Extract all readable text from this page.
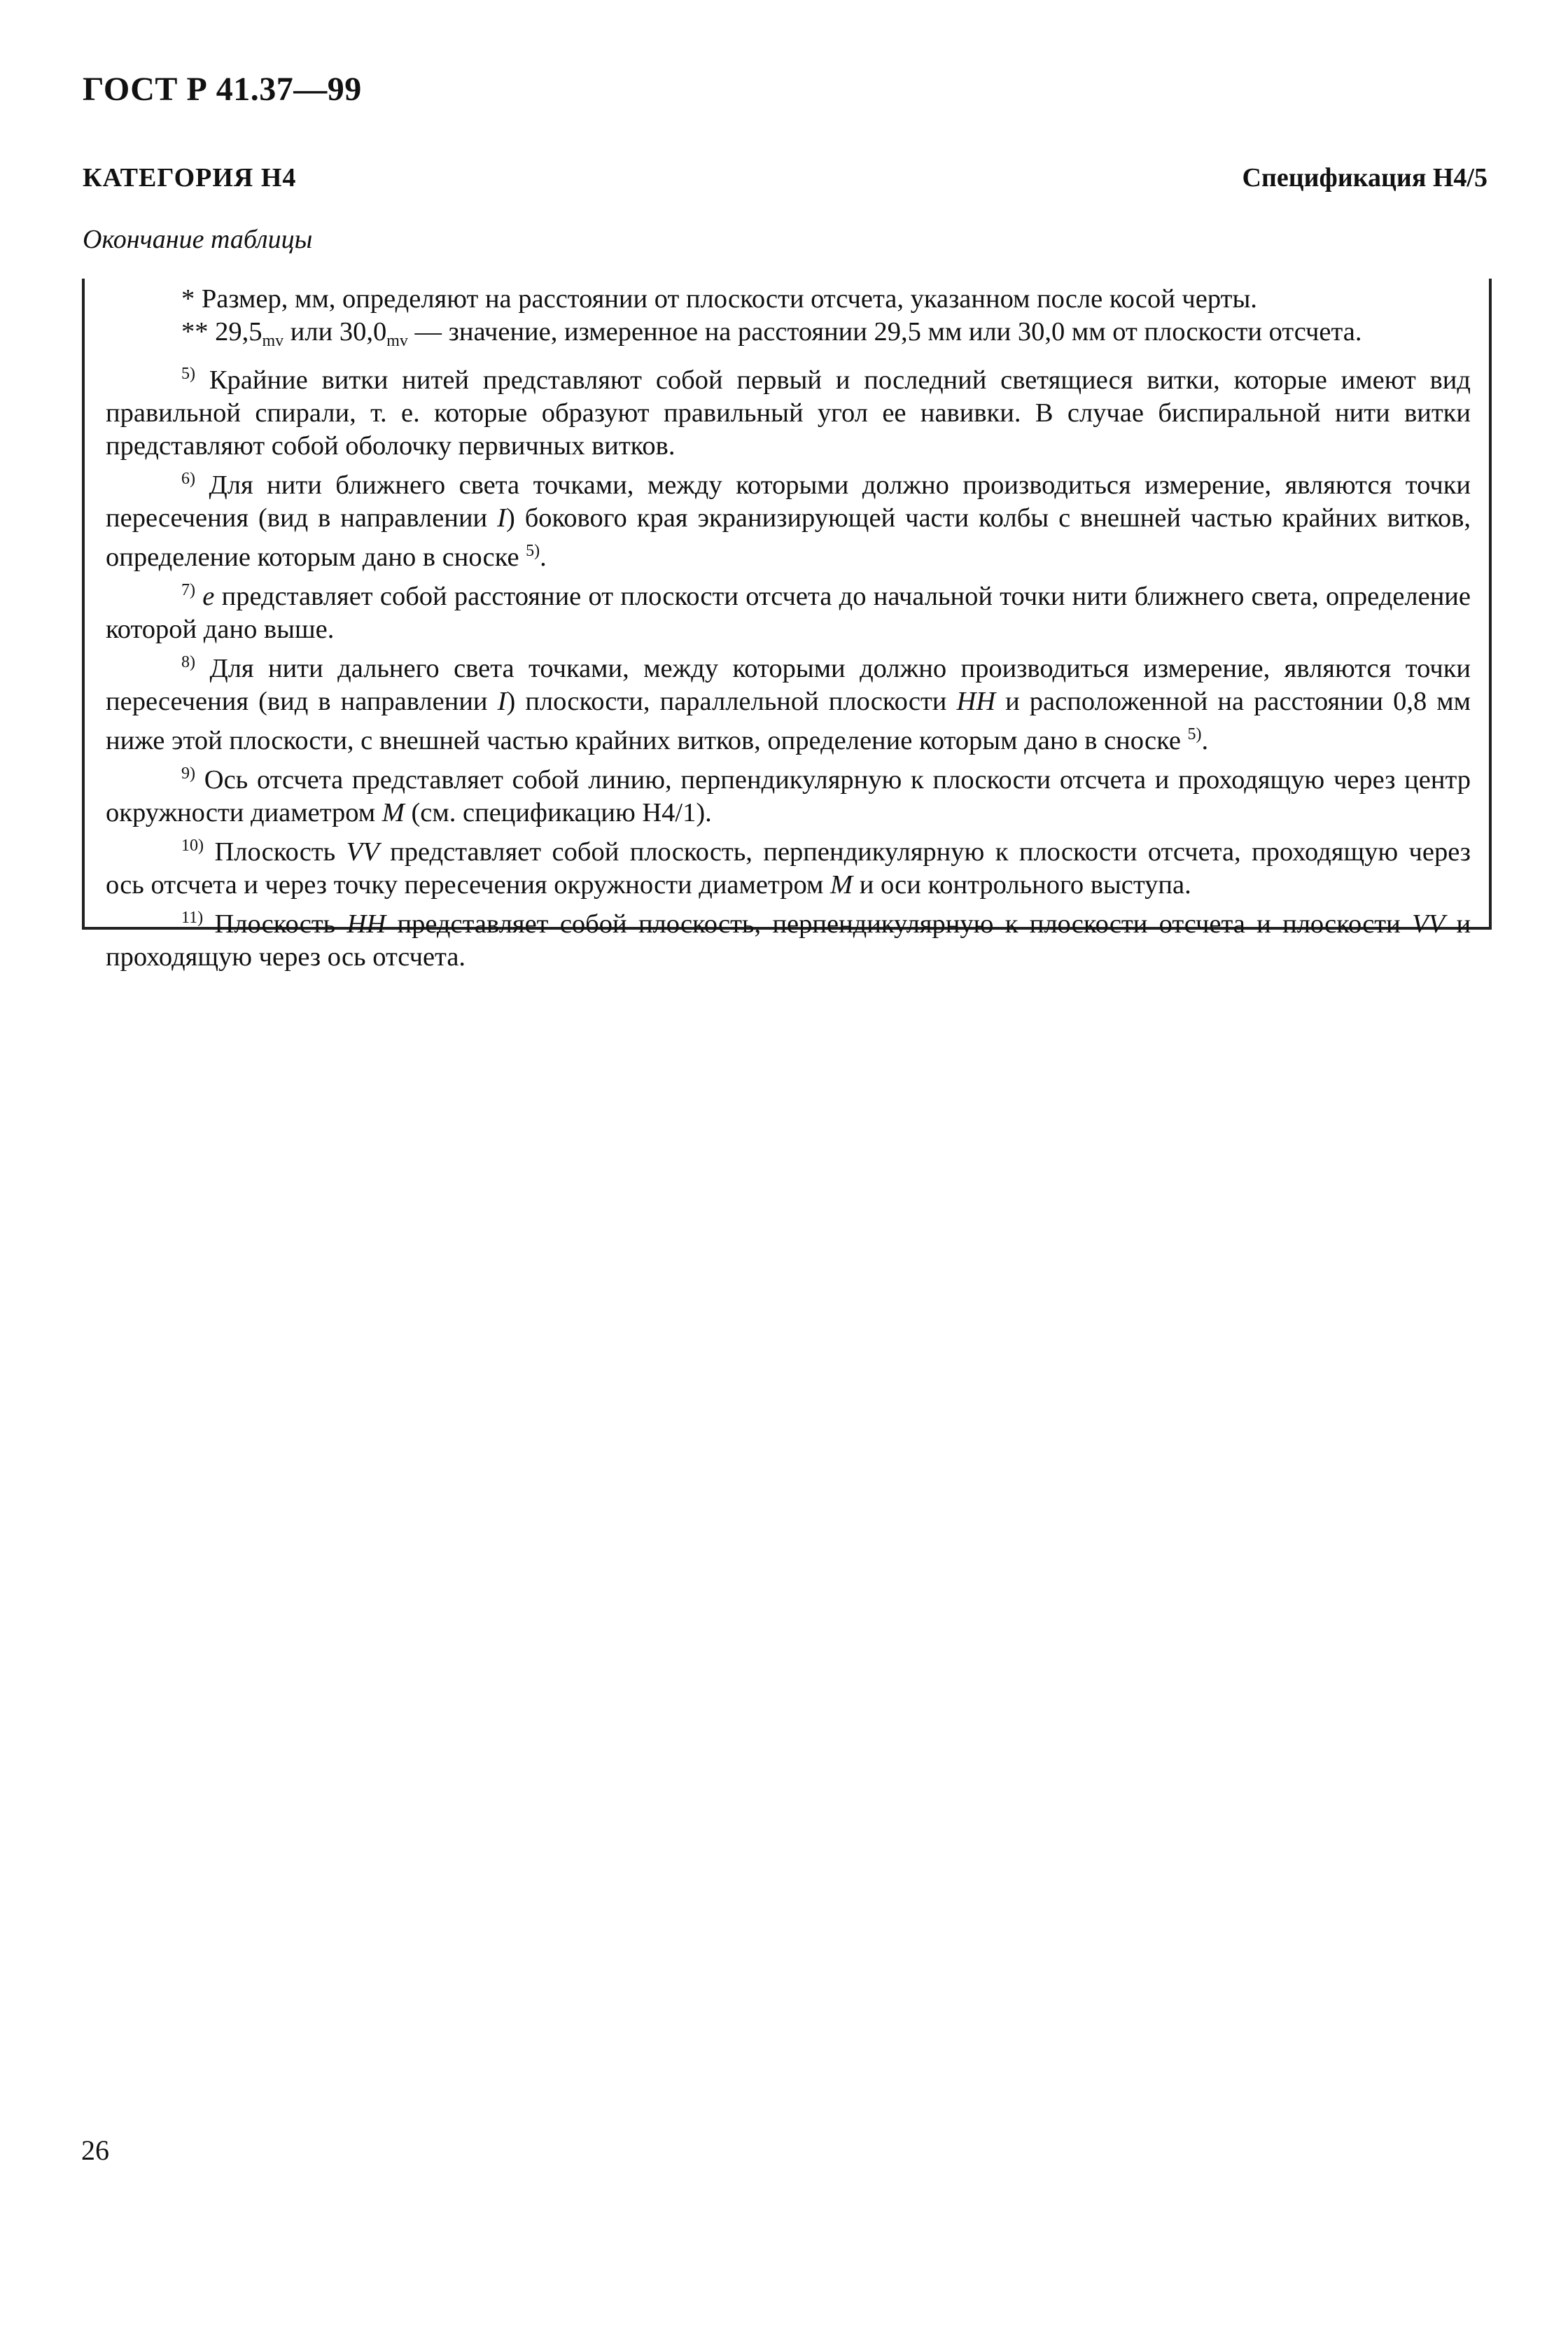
ГОСТ Р 41.37—99
КАТЕГОРИЯ Н4	Спецификация Н4/5
Окончание таблицы

* Размер, мм, определяют на расстоянии от плоскости отсчета, указанном после косой черты.

** $29,5_{mv}$ или $30,0_{mv}$ — значение, измеренное на расстоянии 29,5 мм или 30,0 мм от плоскости отсчета.

$^{5)}$ Крайние витки нитей представляют собой первый и последний светящиеся витки, которые имеют вид правильной спирали, т. е. которые образуют правильный угол ее навивки. В случае биспиральной нити витки представляют собой оболочку первичных витков.

$^{6)}$ Для нити ближнего света точками, между которыми должно производиться измерение, являются точки пересечения (вид в направлении I) бокового края экранизирующей части колбы с внешней частью крайних витков, определение которым дано в сноске $^{5)}$.

$^{7)}$ e представляет собой расстояние от плоскости отсчета до начальной точки нити ближнего света, определение которой дано выше.

$^{8)}$ Для нити дальнего света точками, между которыми должно производиться измерение, являются точки пересечения (вид в направлении I) плоскости, параллельной плоскости HH и расположенной на расстоянии 0,8 мм ниже этой плоскости, с внешней частью крайних витков, определение которым дано в сноске $^{5)}$.

$^{9)}$ Ось отсчета представляет собой линию, перпендикулярную к плоскости отсчета и проходящую через центр окружности диаметром M (см. спецификацию Н4/1).

$^{10)}$ Плоскость VV представляет собой плоскость, перпендикулярную к плоскости отсчета, проходящую через ось отсчета и через точку пересечения окружности диаметром M и оси контрольного выступа.

$^{11)}$ Плоскость HH представляет собой плоскость, перпендикулярную к плоскости отсчета и плоскости VV и проходящую через ось отсчета.

26
